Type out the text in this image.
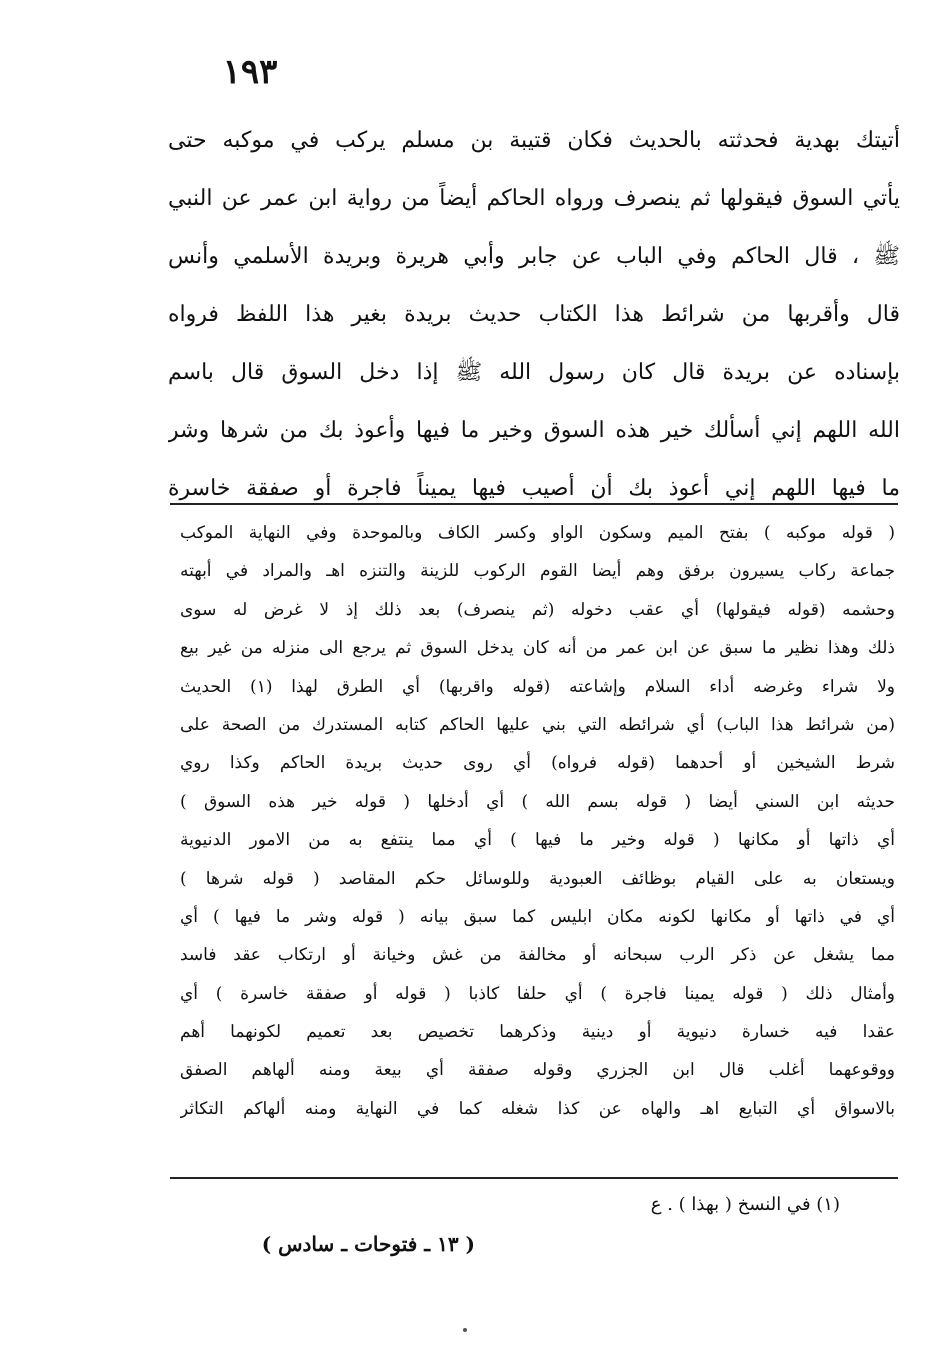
١٩٣
أتيتك بهدية فحدثته بالحديث فكان قتيبة بن مسلم يركب في موكبه حتى
يأتي السوق فيقولها ثم ينصرف ورواه الحاكم أيضاً من رواية ابن عمر عن النبي
ﷺ ، قال الحاكم وفي الباب عن جابر وأبي هريرة وبريدة الأسلمي وأنس
قال وأقربها من شرائط هذا الكتاب حديث بريدة بغير هذا اللفظ فرواه
بإسناده عن بريدة قال كان رسول الله ﷺ إذا دخل السوق قال باسم
الله اللهم إني أسألك خير هذه السوق وخير ما فيها وأعوذ بك من شرها وشر
ما فيها اللهم إني أعوذ بك أن أصيب فيها يميناً فاجرة أو صفقة خاسرة
( قوله موكبه ) بفتح الميم وسكون الواو وكسر الكاف وبالموحدة وفي النهاية الموكب
جماعة ركاب يسيرون برفق وهم أيضا القوم الركوب للزينة والتنزه اهـ والمراد في أبهته
وحشمه (قوله فيقولها) أي عقب دخوله (ثم ينصرف) بعد ذلك إذ لا غرض له سوى
ذلك وهذا نظير ما سبق عن ابن عمر من أنه كان يدخل السوق ثم يرجع الى منزله من غير بيع
ولا شراء وغرضه أداء السلام وإشاعته (قوله واقربها) أي الطرق لهذا (١) الحديث
(من شرائط هذا الباب) أي شرائطه التي بني عليها الحاكم كتابه المستدرك من الصحة على
شرط الشيخين أو أحدهما (قوله فرواه) أي روى حديث بريدة الحاكم وكذا روي
حديثه ابن السني أيضا ( قوله بسم الله ) أي أدخلها ( قوله خير هذه السوق )
أي ذاتها أو مكانها ( قوله وخير ما فيها ) أي مما ينتفع به من الامور الدنيوية
ويستعان به على القيام بوظائف العبودية وللوسائل حكم المقاصد ( قوله شرها )
أي في ذاتها أو مكانها لكونه مكان ابليس كما سبق بيانه ( قوله وشر ما فيها ) أي
مما يشغل عن ذكر الرب سبحانه أو مخالفة من غش وخيانة أو ارتكاب عقد فاسد
وأمثال ذلك ( قوله يمينا فاجرة ) أي حلفا كاذبا ( قوله أو صفقة خاسرة ) أي
عقدا فيه خسارة دنيوية أو دينية وذكرهما تخصيص بعد تعميم لكونهما أهم
ووقوعهما أغلب قال ابن الجزري وقوله صفقة أي بيعة ومنه ألهاهم الصفق
بالاسواق أي التبايع اهـ والهاه عن كذا شغله كما في النهاية ومنه ألهاكم التكاثر
(١) في النسخ ( بهذا ) . ع
( ١٣ ـ فتوحات ـ سادس )
